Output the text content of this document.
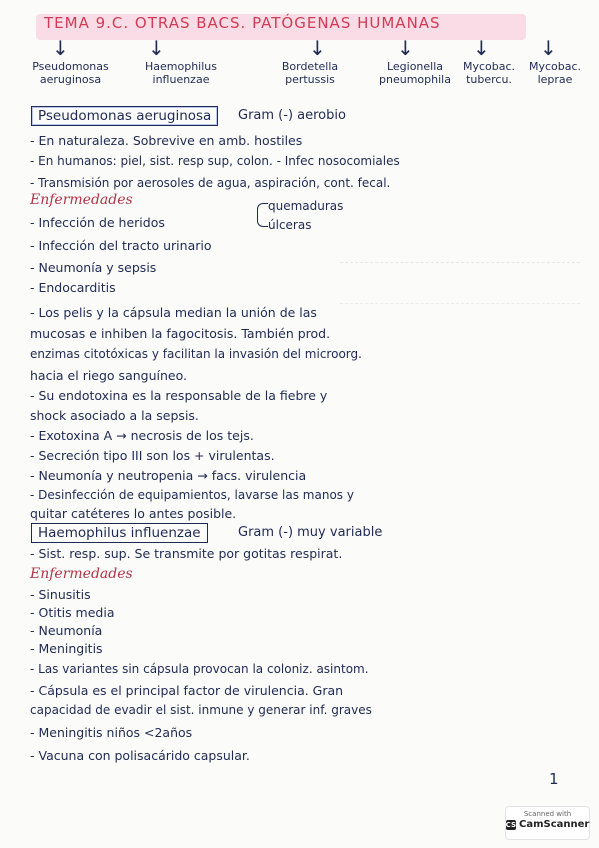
TEMA 9.C. OTRAS BACS. PATÓGENAS HUMANAS
↓	↓	↓	↓	↓	↓
Pseudomonas
aeruginosa
Haemophilus
influenzae
Bordetella
pertussis
Legionella
pneumophila
Mycobac.
tubercu.
Mycobac.
leprae
Pseudomonas aeruginosa	Gram (-) aerobio
- En naturaleza. Sobrevive en amb. hostiles
- En humanos: piel, sist. resp sup, colon. - Infec nosocomiales
- Transmisión por aerosoles de agua, aspiración, cont. fecal.
Enfermedades
- Infección de heridos
quemaduras
úlceras
- Infección del tracto urinario
- Neumonía y sepsis
- Endocarditis
- Los pelis y la cápsula median la unión de las
mucosas e inhiben la fagocitosis. También prod.
enzimas citotóxicas y facilitan la invasión del microorg.
hacia el riego sanguíneo.
- Su endotoxina es la responsable de la fiebre y
shock asociado a la sepsis.
- Exotoxina A → necrosis de los tejs.
- Secreción tipo III son los + virulentas.
- Neumonía y neutropenia → facs. virulencia
- Desinfección de equipamientos, lavarse las manos y
quitar catéteres lo antes posible.
Haemophilus influenzae	Gram (-) muy variable
- Sist. resp. sup. Se transmite por gotitas respirat.
Enfermedades
- Sinusitis
- Otitis media
- Neumonía
- Meningitis
- Las variantes sin cápsula provocan la coloniz. asintom.
- Cápsula es el principal factor de virulencia. Gran
capacidad de evadir el sist. inmune y generar inf. graves
- Meningitis niños <2años
- Vacuna con polisacárido capsular.
1
Scanned with
CS CamScanner
